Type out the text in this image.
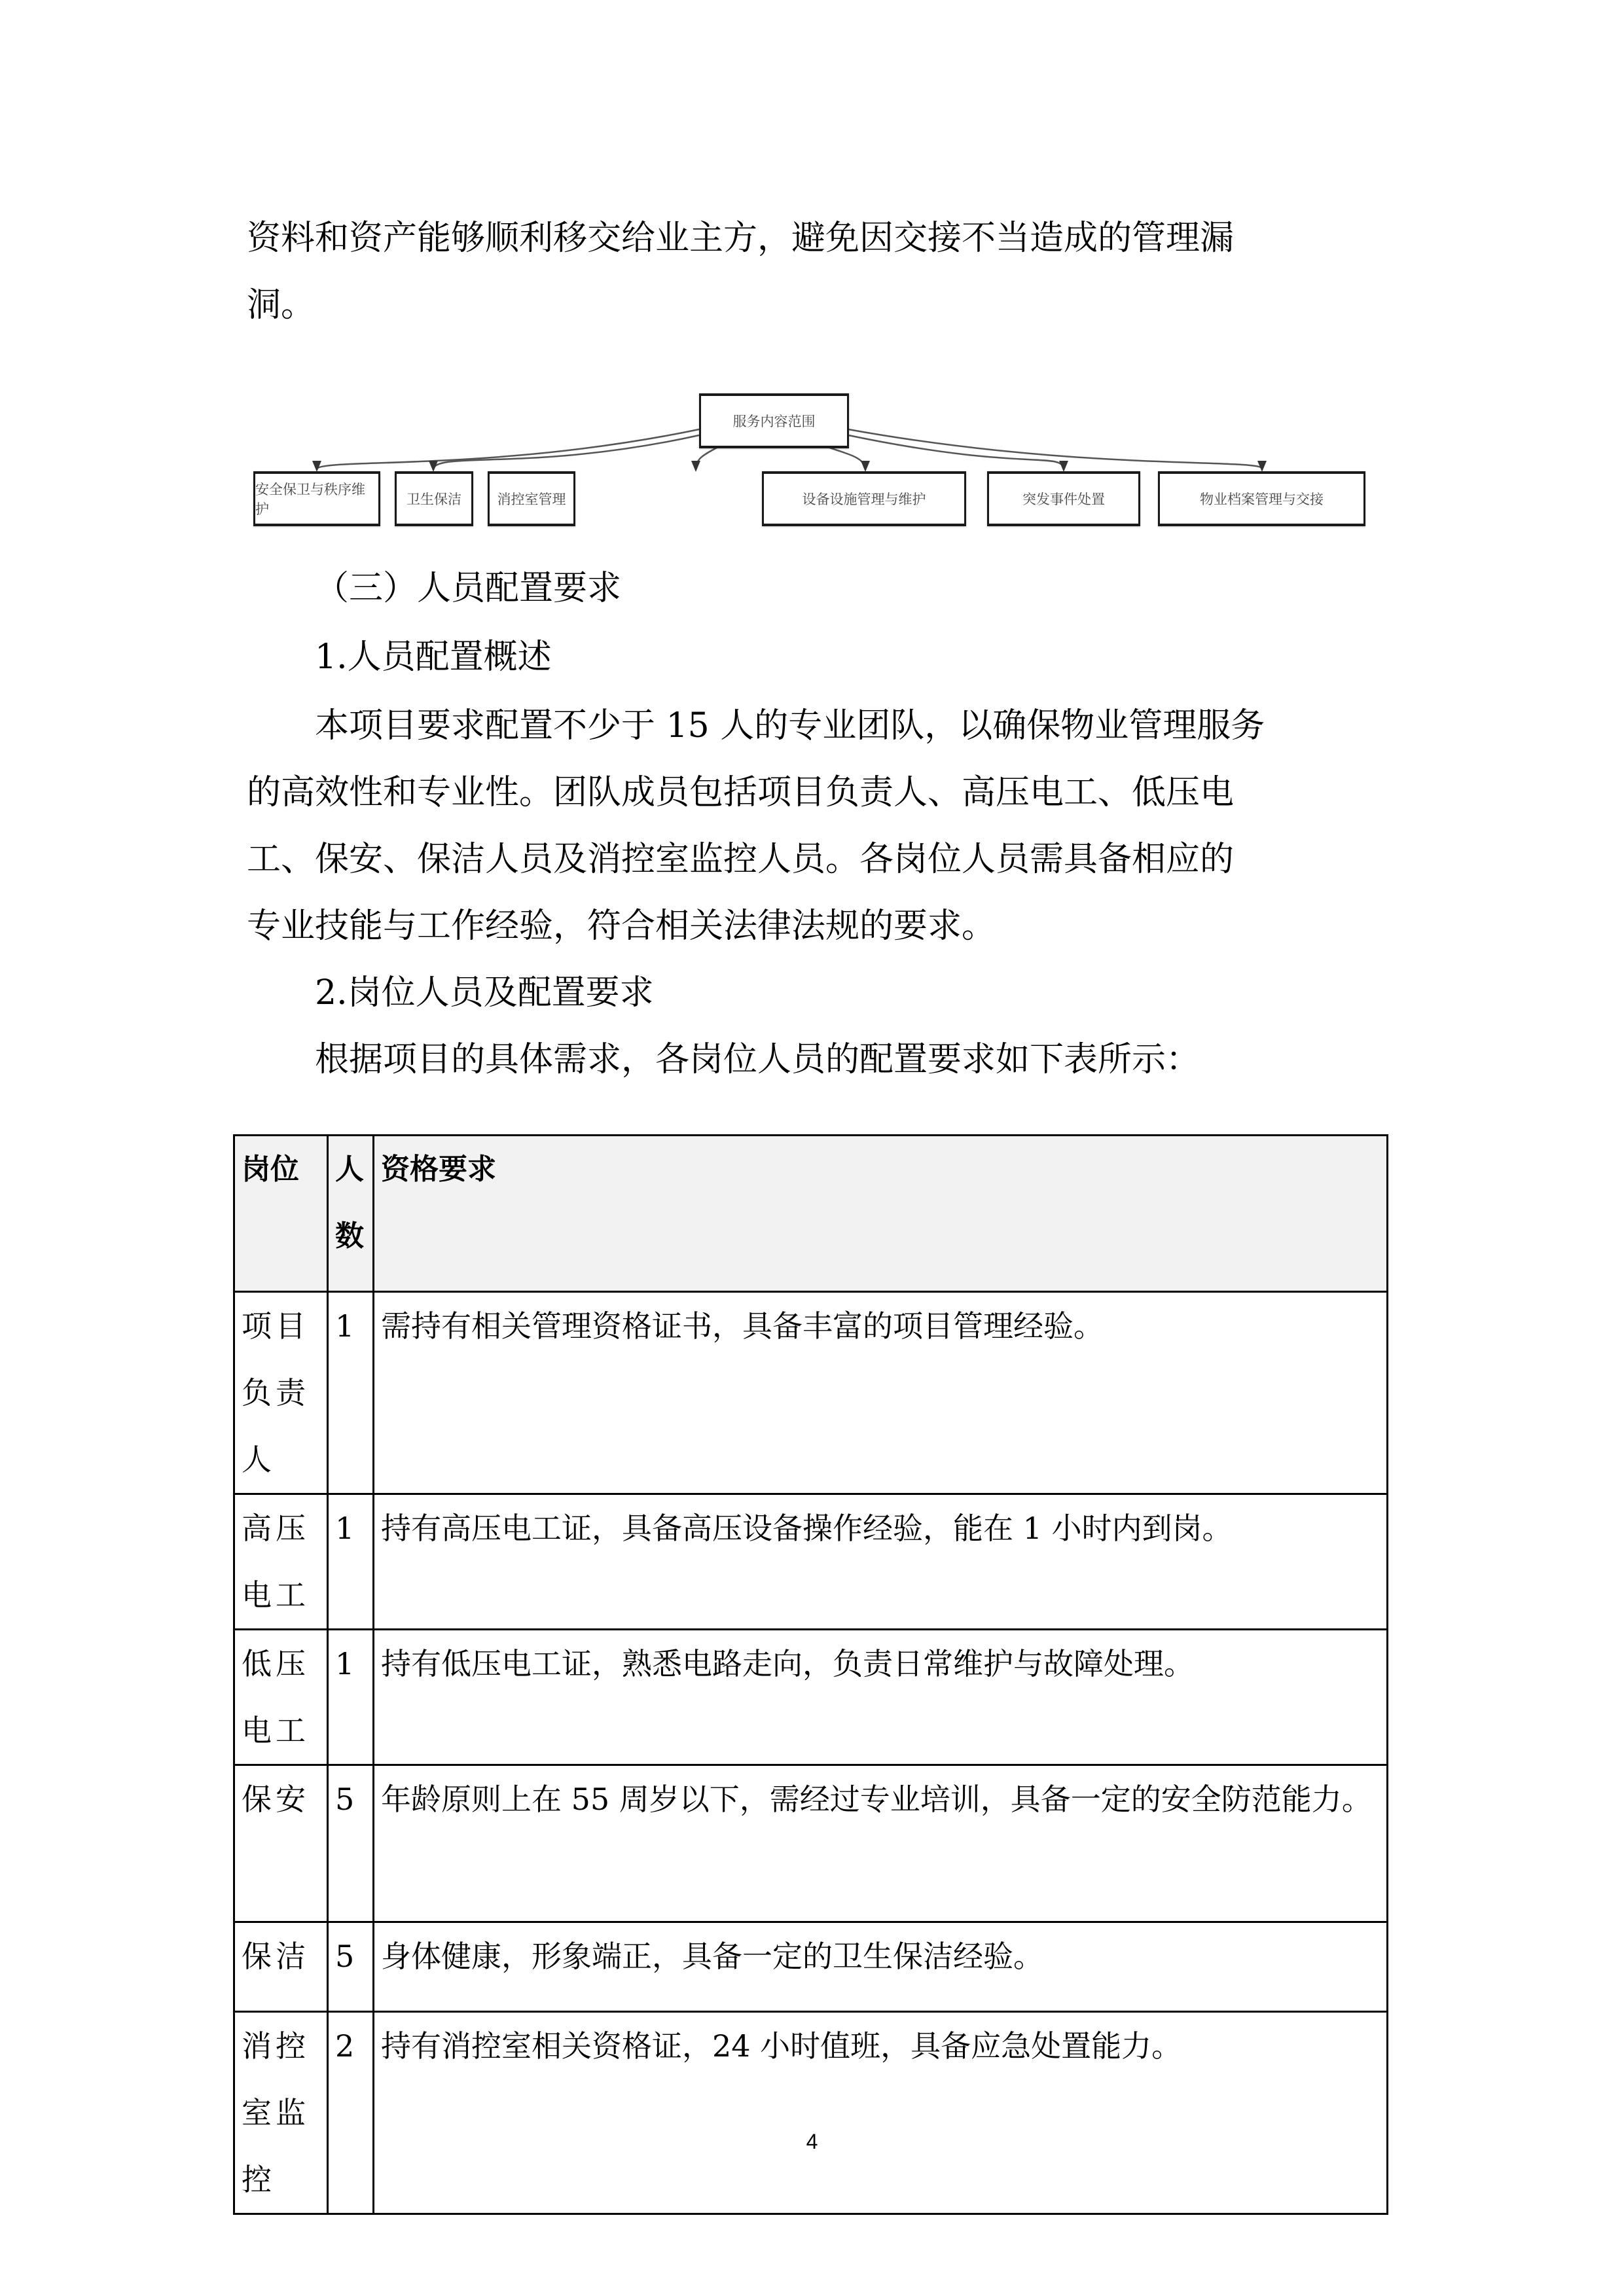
资料和资产能够顺利移交给业主方，避免因交接不当造成的管理漏
洞。
服务内容范围
安全保卫与秩序维护
卫生保洁	消控室管理	设备设施管理与维护	突发事件处置	物业档案管理与交接
（三）人员配置要求
1.人员配置概述
本项目要求配置不少于 15 人的专业团队，以确保物业管理服务
的高效性和专业性。团队成员包括项目负责人、高压电工、低压电
工、保安、保洁人员及消控室监控人员。各岗位人员需具备相应的
专业技能与工作经验，符合相关法律法规的要求。
2.岗位人员及配置要求
根据项目的具体需求，各岗位人员的配置要求如下表所示：
岗位	人数	资格要求
项目负责人	1	需持有相关管理资格证书，具备丰富的项目管理经验。
高压电工	1	持有高压电工证，具备高压设备操作经验，能在 1 小时内到岗。
低压电工	1	持有低压电工证，熟悉电路走向，负责日常维护与故障处理。
保安	5	年龄原则上在 55 周岁以下，需经过专业培训，具备一定的安全防范能力。
保洁	5	身体健康，形象端正，具备一定的卫生保洁经验。
消控室监控	2	持有消控室相关资格证，24 小时值班，具备应急处置能力。
4
